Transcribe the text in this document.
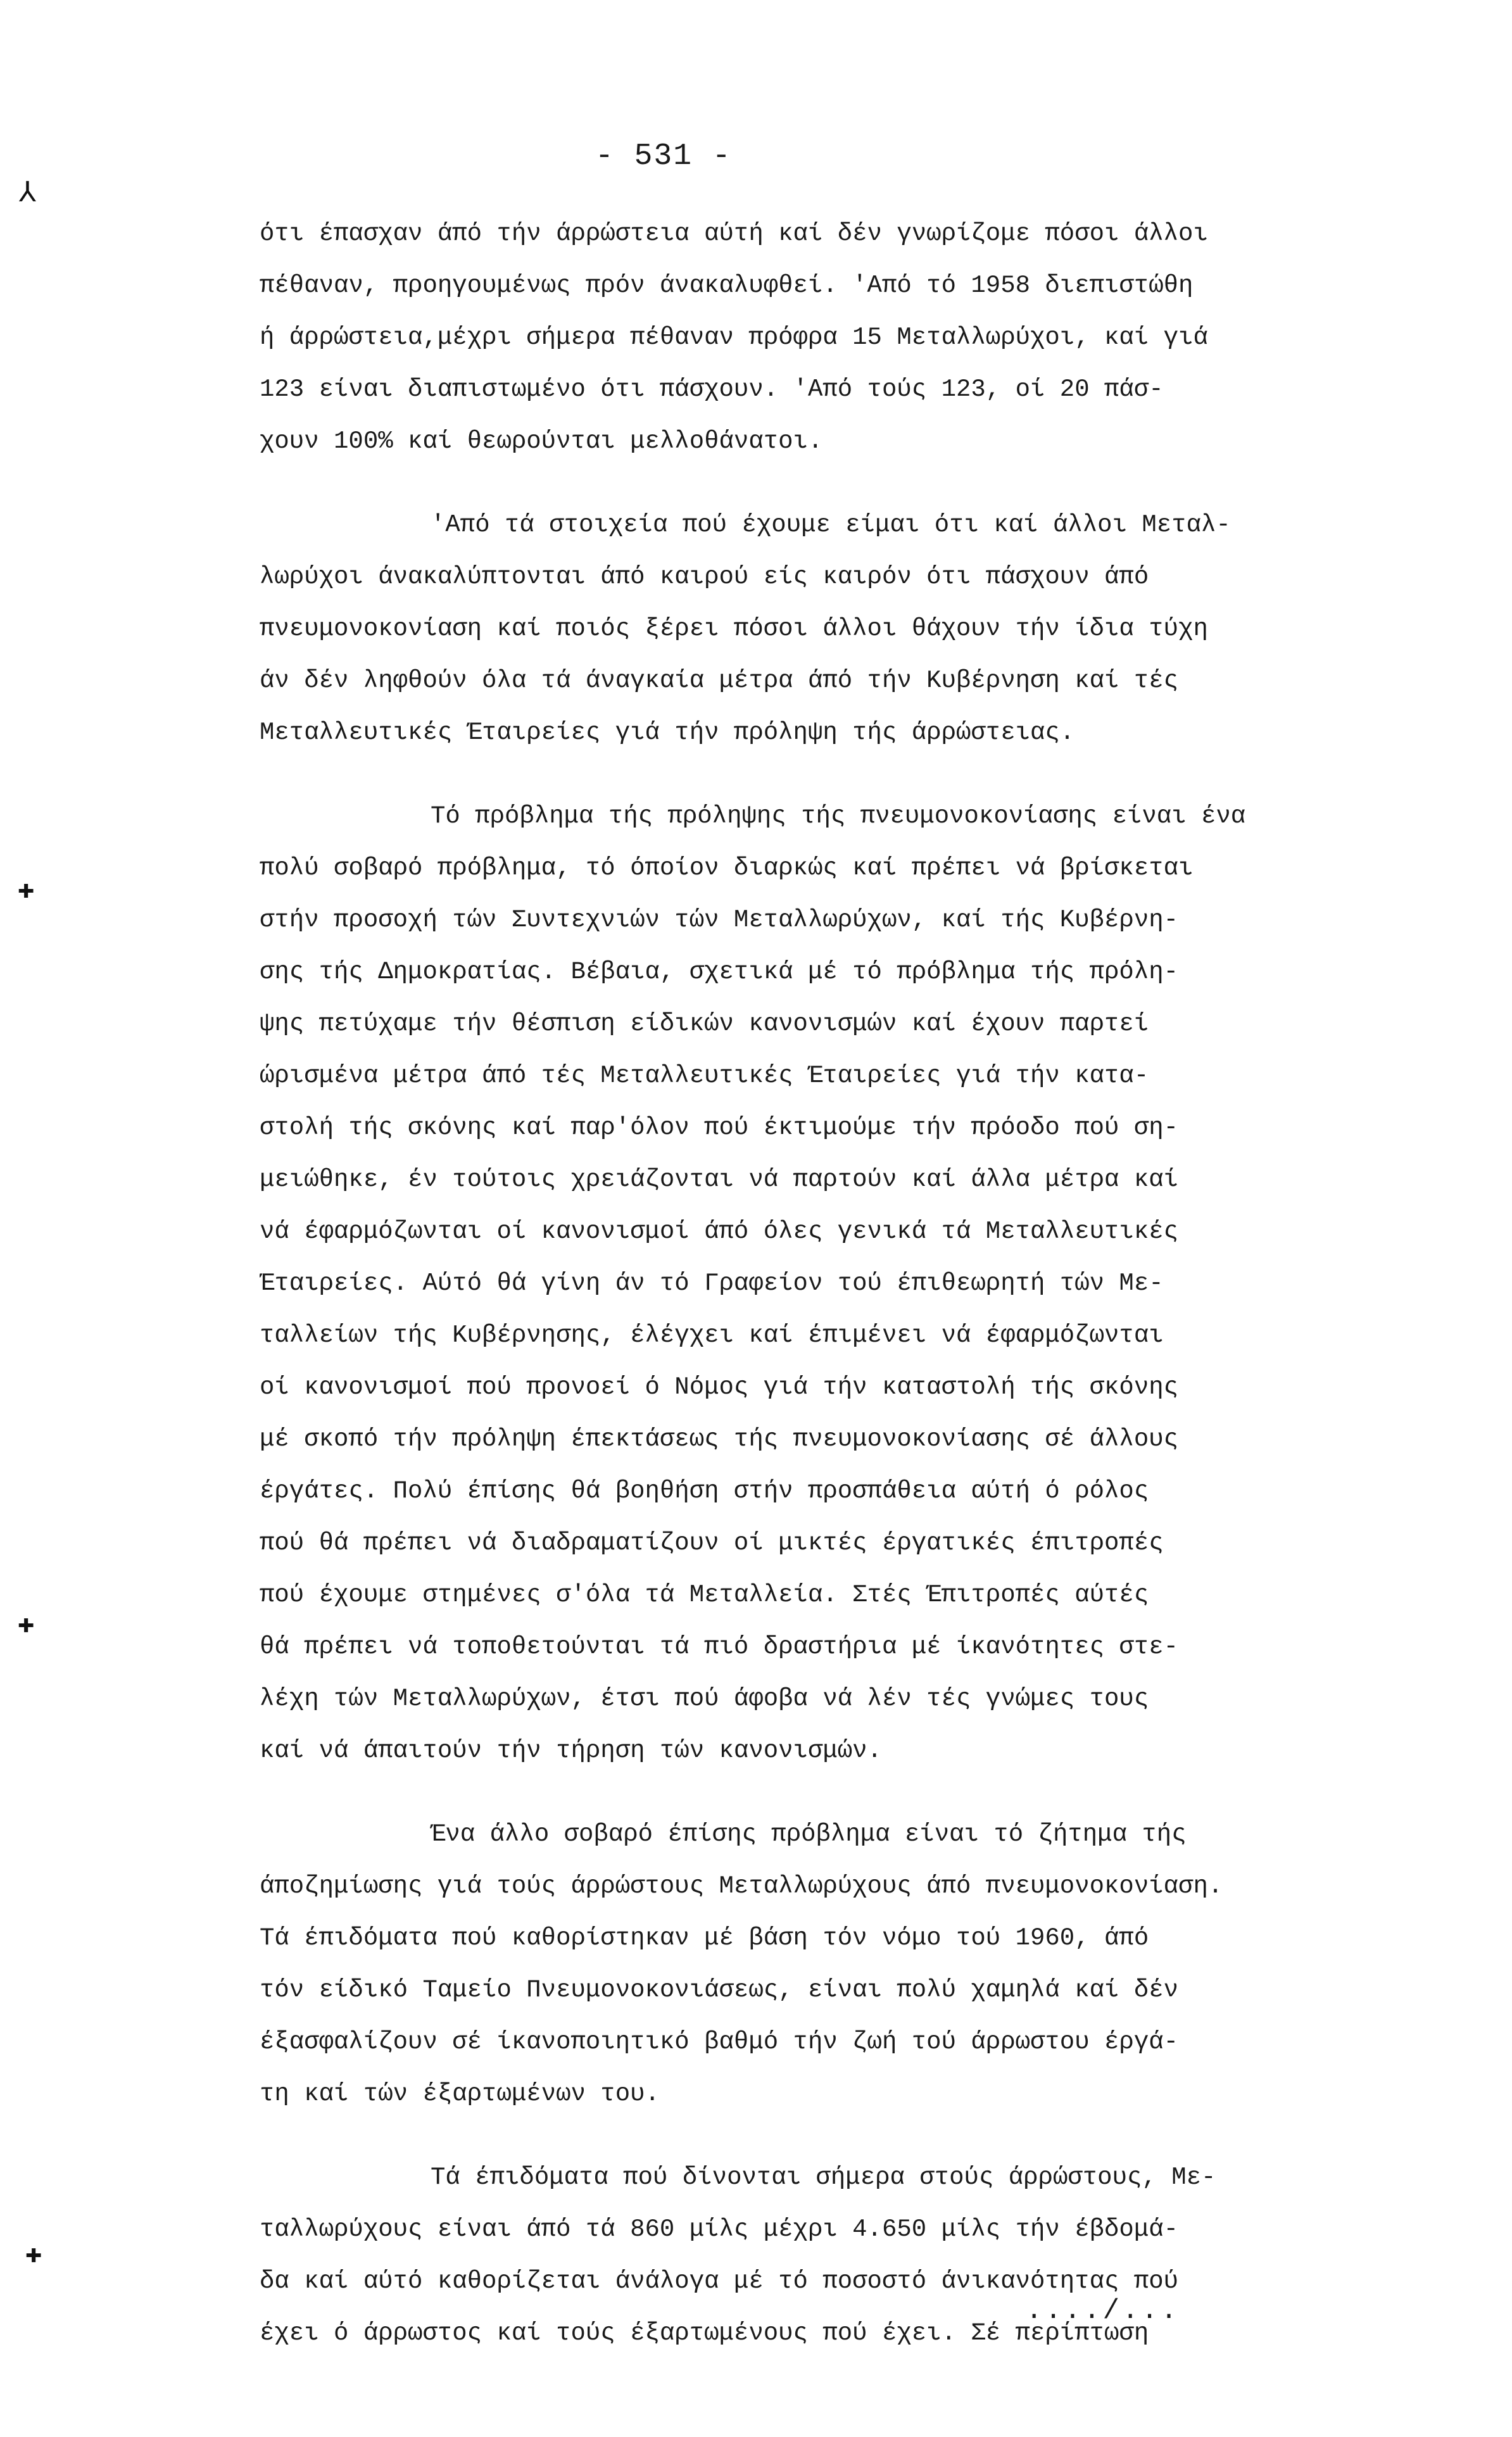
- 531 -
⅄
✚
✚
✚
ότι έπασχαν άπό τήν άρρώστεια αύτή καί δέν γνωρίζομε πόσοι άλλοι
πέθαναν, προηγουμένως πρόν άνακαλυφθεί. 'Από τό 1958 διεπιστώθη
ή άρρώστεια,μέχρι σήμερα πέθαναν πρόφρα 15 Μεταλλωρύχοι, καί γιά
123 είναι διαπιστωμένο ότι πάσχουν. 'Από τούς 123, οί 20 πάσ-
χουν 100% καί θεωρούνται μελλοθάνατοι.
'Από τά στοιχεία πού έχουμε είμαι ότι καί άλλοι Μεταλ-
λωρύχοι άνακαλύπτονται άπό καιρού είς καιρόν ότι πάσχουν άπό
πνευμονοκονίαση καί ποιός ξέρει πόσοι άλλοι θάχουν τήν ίδια τύχη
άν δέν ληφθούν όλα τά άναγκαία μέτρα άπό τήν Κυβέρνηση καί τές
Μεταλλευτικές Έταιρείες γιά τήν πρόληψη τής άρρώστειας.
Τό πρόβλημα τής πρόληψης τής πνευμονοκονίασης είναι ένα
πολύ σοβαρό πρόβλημα, τό όποίον διαρκώς καί πρέπει νά βρίσκεται
στήν προσοχή τών Συντεχνιών τών Μεταλλωρύχων, καί τής Κυβέρνη-
σης τής Δημοκρατίας. Βέβαια, σχετικά μέ τό πρόβλημα τής πρόλη-
ψης πετύχαμε τήν θέσπιση είδικών κανονισμών καί έχουν παρτεί
ώρισμένα μέτρα άπό τές Μεταλλευτικές Έταιρείες γιά τήν κατα-
στολή τής σκόνης καί παρ'όλον πού έκτιμούμε τήν πρόοδο πού ση-
μειώθηκε, έν τούτοις χρειάζονται νά παρτούν καί άλλα μέτρα καί
νά έφαρμόζωνται οί κανονισμοί άπό όλες γενικά τά Μεταλλευτικές
Έταιρείες. Αύτό θά γίνη άν τό Γραφείον τού έπιθεωρητή τών Με-
ταλλείων τής Κυβέρνησης, έλέγχει καί έπιμένει νά έφαρμόζωνται
οί κανονισμοί πού προνοεί ό Νόμος γιά τήν καταστολή τής σκόνης
μέ σκοπό τήν πρόληψη έπεκτάσεως τής πνευμονοκονίασης σέ άλλους
έργάτες. Πολύ έπίσης θά βοηθήση στήν προσπάθεια αύτή ό ρόλος
πού θά πρέπει νά διαδραματίζουν οί μικτές έργατικές έπιτροπές
πού έχουμε στημένες σ'όλα τά Μεταλλεία. Στές Έπιτροπές αύτές
θά πρέπει νά τοποθετούνται τά πιό δραστήρια μέ ίκανότητες στε-
λέχη τών Μεταλλωρύχων, έτσι πού άφοβα νά λέν τές γνώμες τους
καί νά άπαιτούν τήν τήρηση τών κανονισμών.
Ένα άλλο σοβαρό έπίσης πρόβλημα είναι τό ζήτημα τής
άποζημίωσης γιά τούς άρρώστους Μεταλλωρύχους άπό πνευμονοκονίαση.
Τά έπιδόματα πού καθορίστηκαν μέ βάση τόν νόμο τού 1960, άπό
τόν είδικό Ταμείο Πνευμονοκονιάσεως, είναι πολύ χαμηλά καί δέν
έξασφαλίζουν σέ ίκανοποιητικό βαθμό τήν ζωή τού άρρωστου έργά-
τη καί τών έξαρτωμένων του.
Τά έπιδόματα πού δίνονται σήμερα στούς άρρώστους, Με-
ταλλωρύχους είναι άπό τά 860 μίλς μέχρι 4.650 μίλς τήν έβδομά-
δα καί αύτό καθορίζεται άνάλογα μέ τό ποσοστό άνικανότητας πού
έχει ό άρρωστος καί τούς έξαρτωμένους πού έχει. Σέ περίπτωση
..../...
